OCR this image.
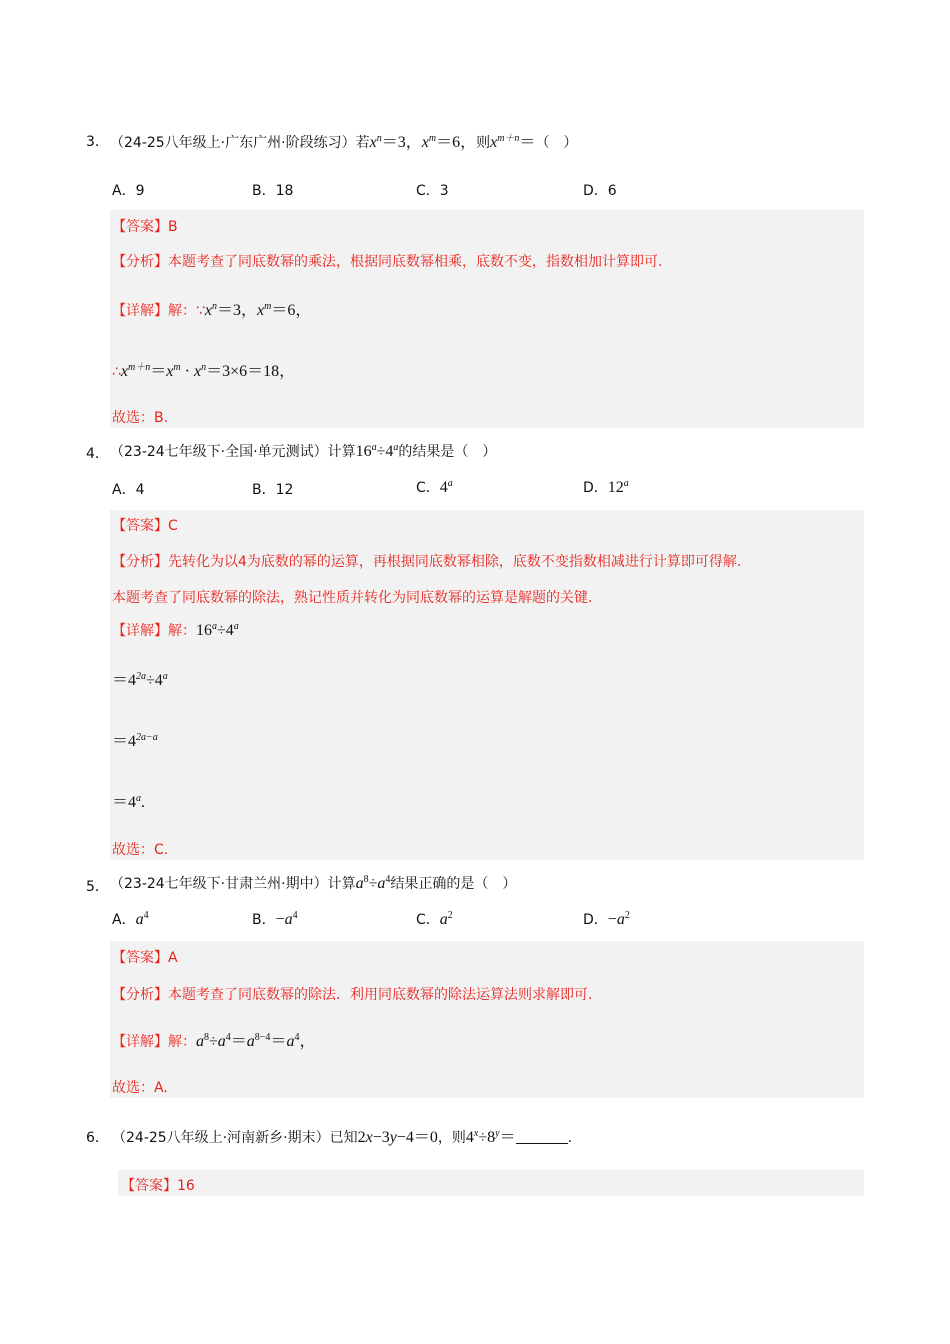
3． （24-25八年级上·广东广州·阶段练习）若$x^n=3$，$x^m=6$，则$x^{m+n}=$（　）
A．9	B．18	C．3	D．6
【答案】B
【分析】本题考查了同底数幂的乘法，根据同底数幂相乘，底数不变，指数相加计算即可.
【详解】解：$\because x^n=3$，$x^m=6$，
$\therefore x^{m+n}=x^m \cdot x^n=3\times 6=18$，
故选：B.
4． （23-24七年级下·全国·单元测试）计算$16^a\div 4^a$的结果是（　）
A．4	B．12	C．4$^a$	D．12$^a$
【答案】C
【分析】先转化为以4为底数的幂的运算，再根据同底数幂相除，底数不变指数相减进行计算即可得解.
本题考查了同底数幂的除法，熟记性质并转化为同底数幂的运算是解题的关键.
【详解】解：$16^a\div 4^a$
$=4^{2a}\div 4^a$
$=4^{2a-a}$
$=4^a$.
故选：C.
5． （23-24七年级下·甘肃兰州·期中）计算$a^8\div a^4$结果正确的是（　）
A．$a^4$	B．$-a^4$	C．$a^2$	D．$-a^2$
【答案】A
【分析】本题考查了同底数幂的除法．利用同底数幂的除法运算法则求解即可.
【详解】解：$a^8\div a^4=a^{8-4}=a^4$，
故选：A.
6． （24-25八年级上·河南新乡·期末）已知2x−3y−4＝0，则$4^x\div 8^y=$	.
【答案】16
